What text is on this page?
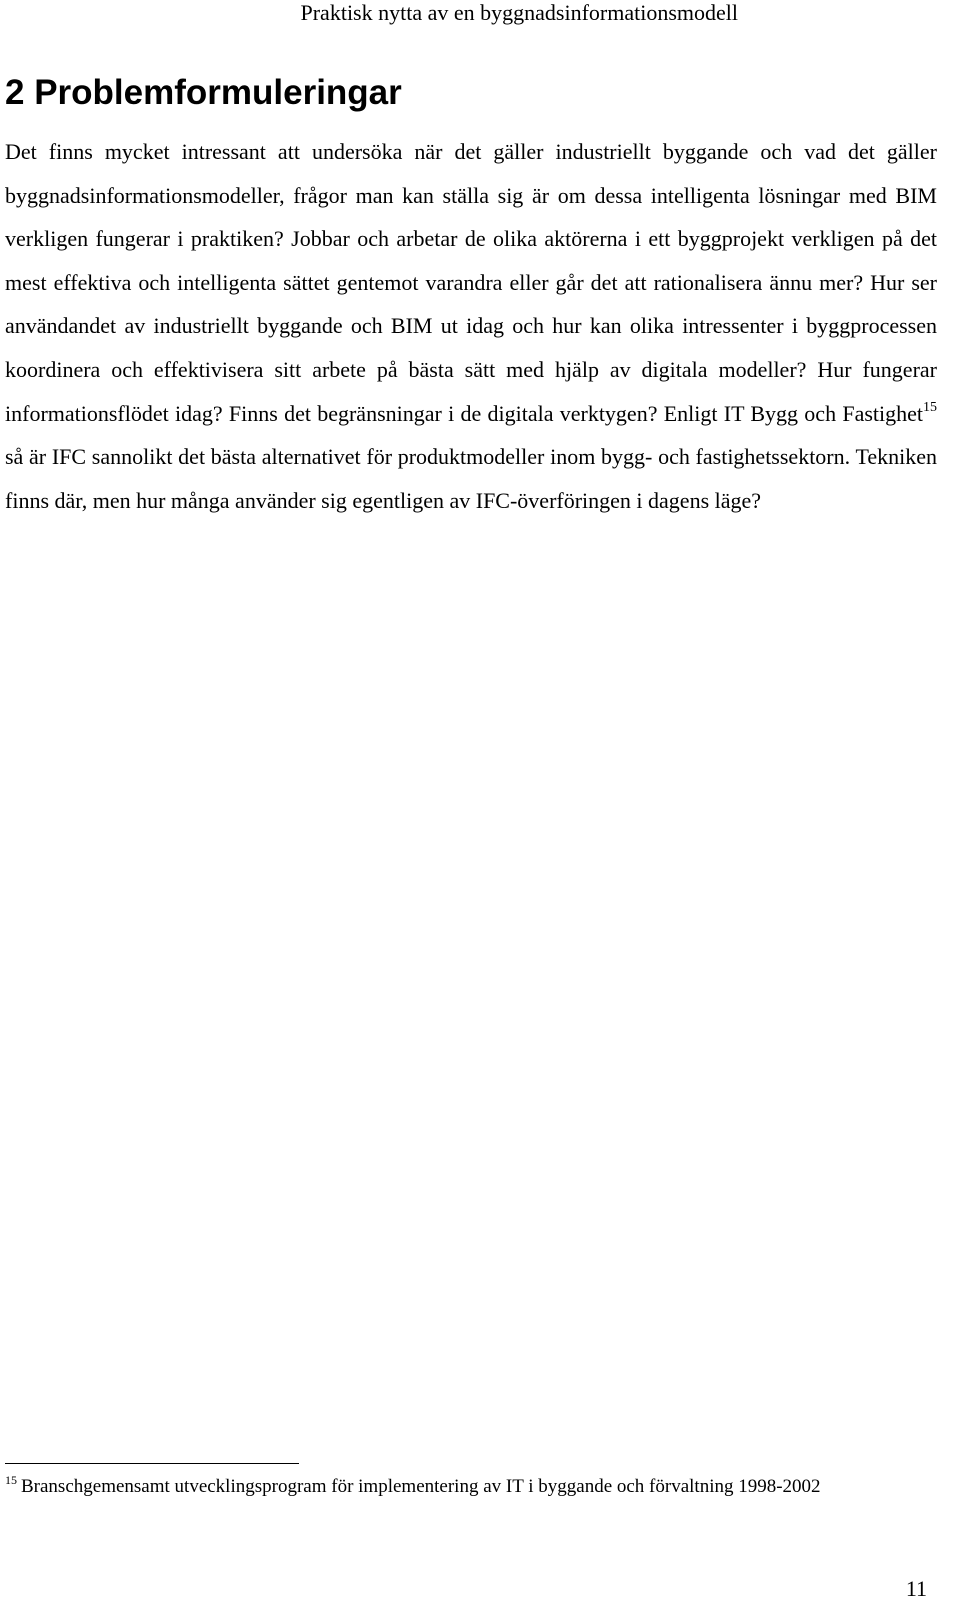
Praktisk nytta av en byggnadsinformationsmodell
2 Problemformuleringar

Det finns mycket intressant att undersöka när det gäller industriellt byggande och vad det gäller byggnadsinformationsmodeller, frågor man kan ställa sig är om dessa intelligenta lösningar med BIM verkligen fungerar i praktiken? Jobbar och arbetar de olika aktörerna i ett byggprojekt verkligen på det mest effektiva och intelligenta sättet gentemot varandra eller går det att rationalisera ännu mer? Hur ser användandet av industriellt byggande och BIM ut idag och hur kan olika intressenter i byggprocessen koordinera och effektivisera sitt arbete på bästa sätt med hjälp av digitala modeller? Hur fungerar informationsflödet idag? Finns det begränsningar i de digitala verktygen? Enligt IT Bygg och Fastighet$^{15}$ så är IFC sannolikt det bästa alternativet för produktmodeller inom bygg- och fastighetssektorn. Tekniken finns där, men hur många använder sig egentligen av IFC-överföringen i dagens läge?

$^{15}$ Branschgemensamt utvecklingsprogram för implementering av IT i byggande och förvaltning 1998-2002

11
